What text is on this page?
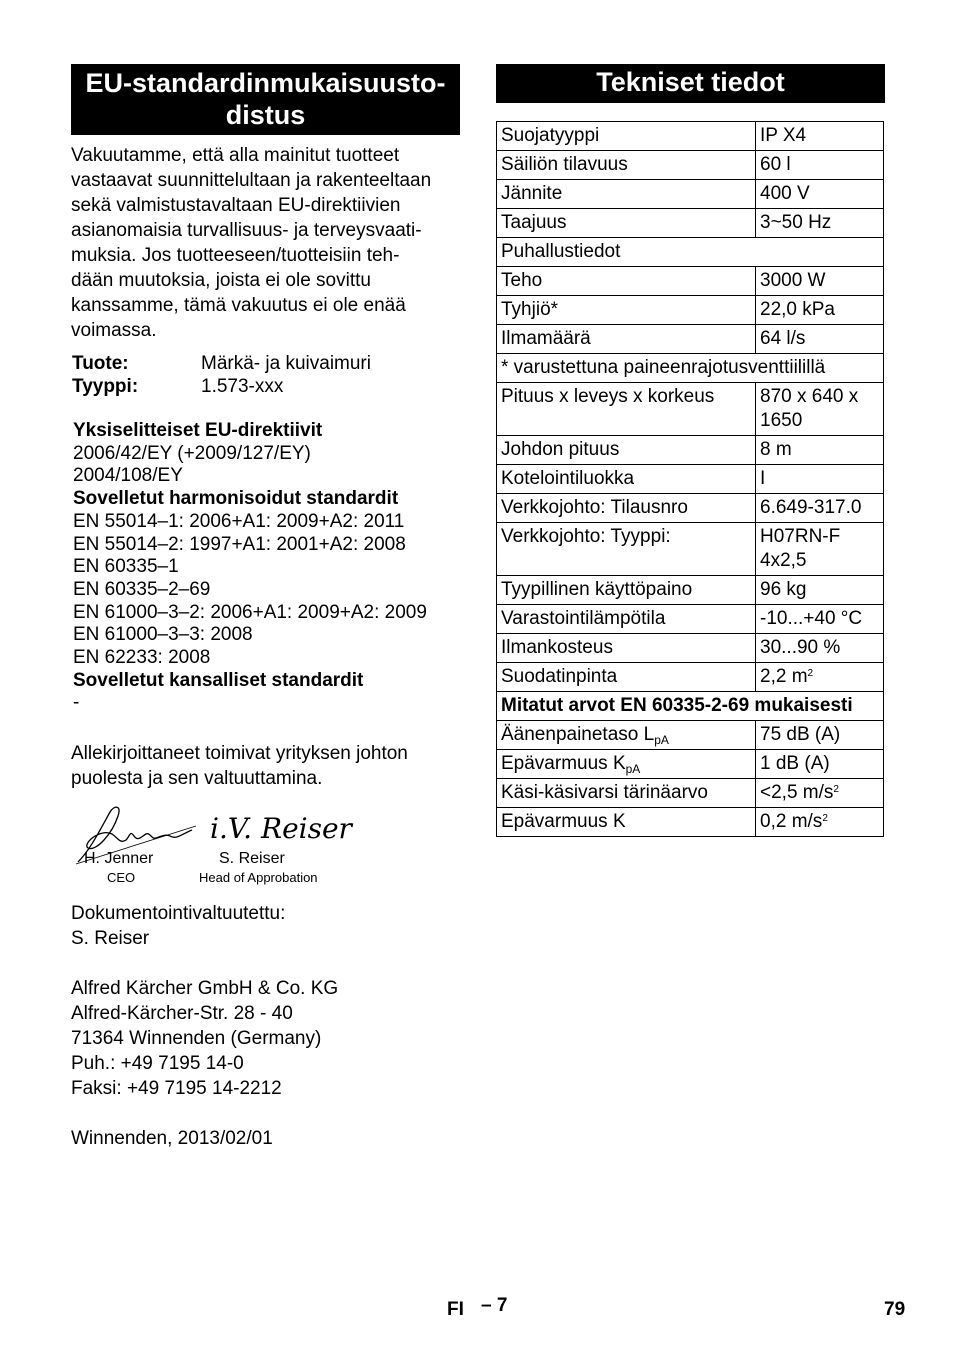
EU-standardinmukaisuusto-
distus
Vakuutamme, että alla mainitut tuotteet
vastaavat suunnittelultaan ja rakenteeltaan
sekä valmistustavaltaan EU-direktiivien
asianomaisia turvallisuus- ja terveysvaati-
muksia. Jos tuotteeseen/tuotteisiin teh-
dään muutoksia, joista ei ole sovittu
kanssamme, tämä vakuutus ei ole enää
voimassa.
Tuote:	Märkä- ja kuivaimuri
Tyyppi:	1.573-xxx
Yksiselitteiset EU-direktiivit
2006/42/EY (+2009/127/EY)
2004/108/EY
Sovelletut harmonisoidut standardit
EN 55014–1: 2006+A1: 2009+A2: 2011
EN 55014–2: 1997+A1: 2001+A2: 2008
EN 60335–1
EN 60335–2–69
EN 61000–3–2: 2006+A1: 2009+A2: 2009
EN 61000–3–3: 2008
EN 62233: 2008
Sovelletut kansalliset standardit
-
Allekirjoittaneet toimivat yrityksen johton
puolesta ja sen valtuuttamina.
i.V. Reiser
H. Jenner
CEO
S. Reiser
Head of Approbation
Dokumentointivaltuutettu:
S. Reiser
Alfred Kärcher GmbH & Co. KG
Alfred-Kärcher-Str. 28 - 40
71364 Winnenden (Germany)
Puh.: +49 7195 14-0
Faksi: +49 7195 14-2212
Winnenden, 2013/02/01
Tekniset tiedot
Suojatyyppi	IP X4
Säiliön tilavuus	60 l
Jännite	400 V
Taajuus	3~50 Hz
Puhallustiedot	
Teho	3000 W
Tyhjiö*	22,0 kPa
Ilmamäärä	64 l/s
* varustettuna paineenrajotusventtiilillä	
Pituus x leveys x korkeus	870 x 640 x 1650
Johdon pituus	8 m
Kotelointiluokka	I
Verkkojohto: Tilausnro	6.649-317.0
Verkkojohto: Tyyppi:	H07RN-F 4x2,5
Tyypillinen käyttöpaino	96 kg
Varastointilämpötila	-10...+40 °C
Ilmankosteus	30...90 %
Suodatinpinta	2,2 $m^2$
Mitatut arvot EN 60335-2-69 mukaisesti	
Äänenpainetaso $L_{pA}$	75 dB (A)
Epävarmuus $K_{pA}$	1 dB (A)
Käsi-käsivarsi tärinäarvo	<2,5 $m/s^2$
Epävarmuus K	0,2 $m/s^2$
FI – 7	79
